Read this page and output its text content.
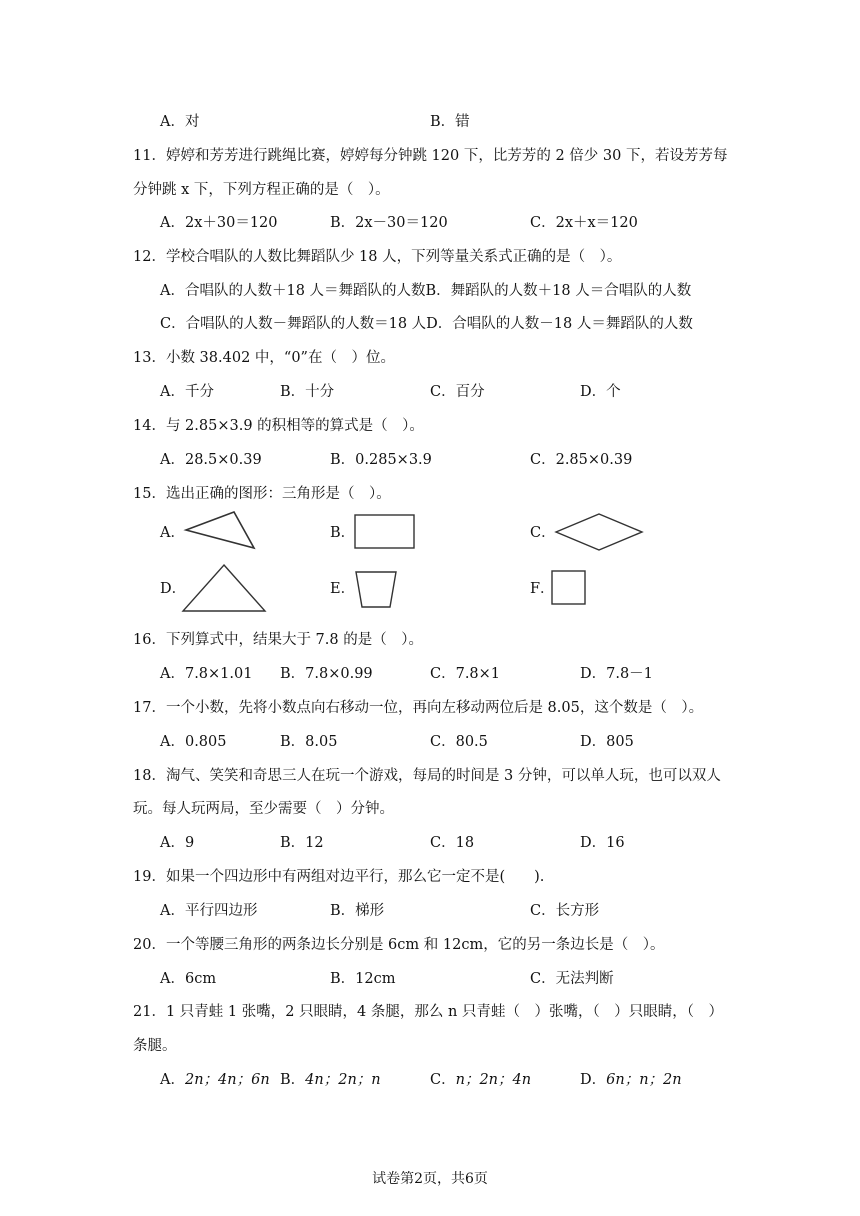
A．对	B．错
11．婷婷和芳芳进行跳绳比赛，婷婷每分钟跳 120 下，比芳芳的 2 倍少 30 下，若设芳芳每
分钟跳 x 下，下列方程正确的是（　）。
A．2x＋30＝120	B．2x－30＝120	C．2x＋x＝120
12．学校合唱队的人数比舞蹈队少 18 人，下列等量关系式正确的是（　）。
A．合唱队的人数＋18 人＝舞蹈队的人数B．舞蹈队的人数＋18 人＝合唱队的人数
C．合唱队的人数－舞蹈队的人数＝18 人D．合唱队的人数－18 人＝舞蹈队的人数
13．小数 38.402 中，“0”在（　）位。
A．千分	B．十分	C．百分	D．个
14．与 2.85×3.9 的积相等的算式是（　）。
A．28.5×0.39	B．0.285×3.9	C．2.85×0.39
15．选出正确的图形：三角形是（　）。
A．	B．	C．
D．	E．	F．
16．下列算式中，结果大于 7.8 的是（　）。
A．7.8×1.01 B．7.8×0.99	C．7.8×1	D．7.8－1
17．一个小数，先将小数点向右移动一位，再向左移动两位后是 8.05，这个数是（　）。
A．0.805	B．8.05	C．80.5	D．805
18．淘气、笑笑和奇思三人在玩一个游戏，每局的时间是 3 分钟，可以单人玩，也可以双人
玩。每人玩两局，至少需要（　）分钟。
A．9	B．12	C．18	D．16
19．如果一个四边形中有两组对边平行，那么它一定不是(　　).
A．平行四边形	B．梯形	C．长方形
20．一个等腰三角形的两条边长分别是 6cm 和 12cm，它的另一条边长是（　）。
A．6cm	B．12cm	C．无法判断
21．1 只青蛙 1 张嘴，2 只眼睛，4 条腿，那么 n 只青蛙（　）张嘴，（　）只眼睛，（　）
条腿。
A．2n；4n；6n B．4n；2n；n	C．n；2n；4n	D．6n；n；2n
试卷第2页，共6页
